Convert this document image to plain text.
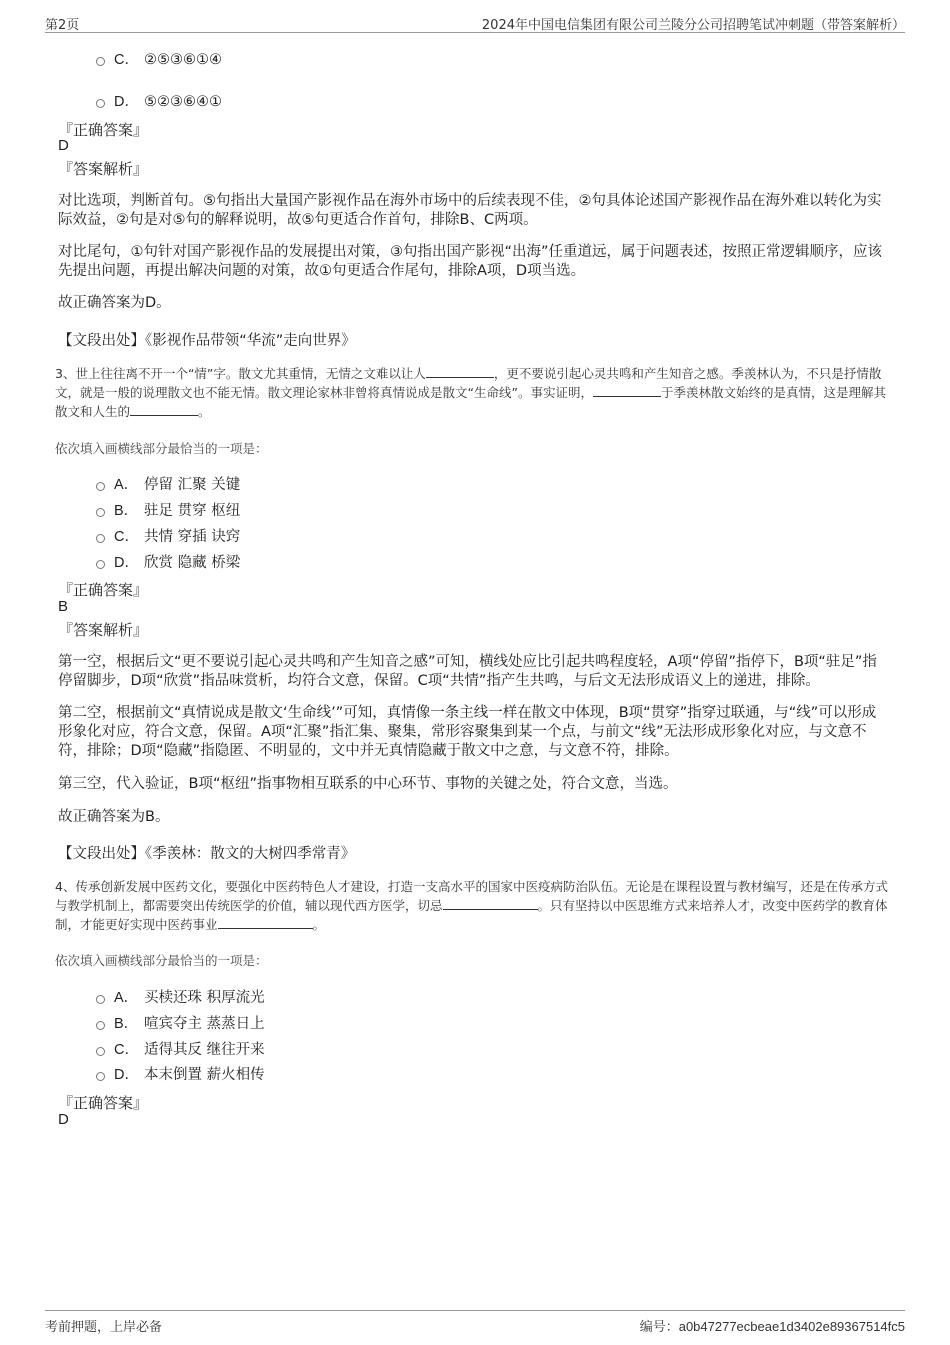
第2页	2024年中国电信集团有限公司兰陵分公司招聘笔试冲刺题（带答案解析）
C． ②⑤③⑥①④
D． ⑤②③⑥④①
『正确答案』
D
『答案解析』
对比选项，判断首句。⑤句指出大量国产影视作品在海外市场中的后续表现不佳，②句具体论述国产影视作品在海外难以转化为实际效益，②句是对⑤句的解释说明，故⑤句更适合作首句，排除B、C两项。
对比尾句，①句针对国产影视作品的发展提出对策，③句指出国产影视“出海”任重道远，属于问题表述，按照正常逻辑顺序，应该先提出问题，再提出解决问题的对策，故①句更适合作尾句，排除A项，D项当选。
故正确答案为D。
【文段出处】《影视作品带领“华流”走向世界》
3、世上往往离不开一个“情”字。散文尤其重情，无情之文难以让人	，更不要说引起心灵共鸣和产生知音之感。季羡林认为，不只是抒情散文，就是一般的说理散文也不能无情。散文理论家林非曾将真情说成是散文“生命线”。事实证明，	于季羡林散文始终的是真情，这是理解其散文和人生的	。
依次填入画横线部分最恰当的一项是：
A． 停留 汇聚 关键
B． 驻足 贯穿 枢纽
C． 共情 穿插 诀窍
D． 欣赏 隐藏 桥梁
『正确答案』
B
『答案解析』
第一空，根据后文“更不要说引起心灵共鸣和产生知音之感”可知，横线处应比引起共鸣程度轻，A项“停留”指停下，B项“驻足”指停留脚步，D项“欣赏”指品味赏析，均符合文意，保留。C项“共情”指产生共鸣，与后文无法形成语义上的递进，排除。
第二空，根据前文“真情说成是散文‘生命线’”可知，真情像一条主线一样在散文中体现，B项“贯穿”指穿过联通，与“线”可以形成形象化对应，符合文意，保留。A项“汇聚”指汇集、聚集，常形容聚集到某一个点，与前文“线”无法形成形象化对应，与文意不符，排除；D项“隐藏”指隐匿、不明显的，文中并无真情隐藏于散文中之意，与文意不符，排除。
第三空，代入验证，B项“枢纽”指事物相互联系的中心环节、事物的关键之处，符合文意，当选。
故正确答案为B。
【文段出处】《季羡林：散文的大树四季常青》
4、传承创新发展中医药文化，要强化中医药特色人才建设，打造一支高水平的国家中医疫病防治队伍。无论是在课程设置与教材编写，还是在传承方式与教学机制上，都需要突出传统医学的价值，辅以现代西方医学，切忌	。只有坚持以中医思维方式来培养人才，改变中医药学的教育体制，才能更好实现中医药事业	。
依次填入画横线部分最恰当的一项是：
A． 买椟还珠 积厚流光
B． 喧宾夺主 蒸蒸日上
C． 适得其反 继往开来
D． 本末倒置 薪火相传
『正确答案』
D
考前押题，上岸必备	编号：a0b47277ecbeae1d3402e89367514fc5
